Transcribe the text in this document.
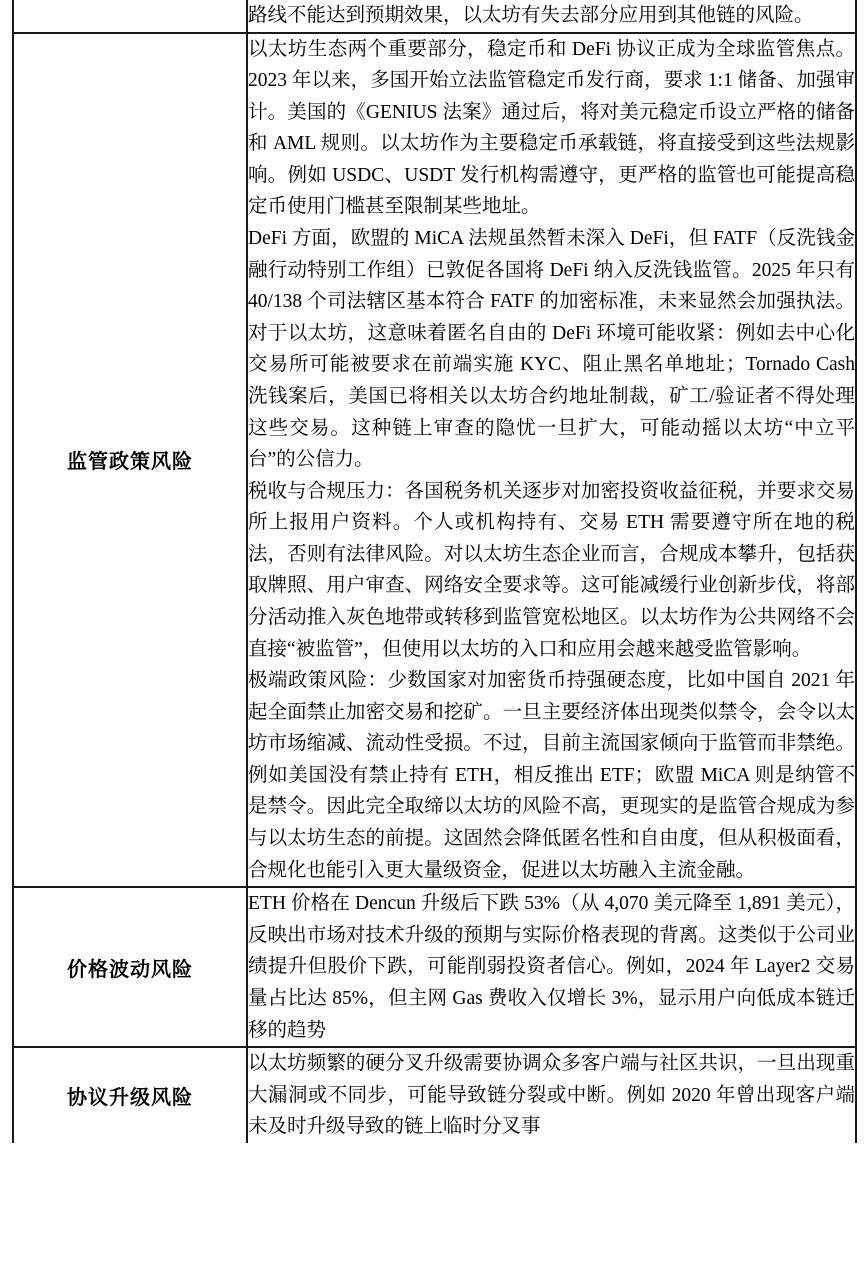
	路线不能达到预期效果，以太坊有失去部分应用到其他链的风险。

监管政策风险	以太坊生态两个重要部分，稳定币和 DeFi 协议正成为全球监管焦点。2023 年以来，多国开始立法监管稳定币发行商，要求 1:1 储备、加强审计。美国的《GENIUS 法案》通过后，将对美元稳定币设立严格的储备和 AML 规则。以太坊作为主要稳定币承载链，将直接受到这些法规影响。例如 USDC、USDT 发行机构需遵守，更严格的监管也可能提高稳定币使用门槛甚至限制某些地址。

DeFi 方面，欧盟的 MiCA 法规虽然暂未深入 DeFi，但 FATF（反洗钱金融行动特别工作组）已敦促各国将 DeFi 纳入反洗钱监管。2025 年只有 40/138 个司法辖区基本符合 FATF 的加密标准，未来显然会加强执法。对于以太坊，这意味着匿名自由的 DeFi 环境可能收紧：例如去中心化交易所可能被要求在前端实施 KYC、阻止黑名单地址；Tornado Cash 洗钱案后，美国已将相关以太坊合约地址制裁，矿工/验证者不得处理这些交易。这种链上审查的隐忧一旦扩大，可能动摇以太坊“中立平台”的公信力。

税收与合规压力：各国税务机关逐步对加密投资收益征税，并要求交易所上报用户资料。个人或机构持有、交易 ETH 需要遵守所在地的税法，否则有法律风险。对以太坊生态企业而言，合规成本攀升，包括获取牌照、用户审查、网络安全要求等。这可能减缓行业创新步伐，将部分活动推入灰色地带或转移到监管宽松地区。以太坊作为公共网络不会直接“被监管”，但使用以太坊的入口和应用会越来越受监管影响。

极端政策风险：少数国家对加密货币持强硬态度，比如中国自 2021 年起全面禁止加密交易和挖矿。一旦主要经济体出现类似禁令，会令以太坊市场缩减、流动性受损。不过，目前主流国家倾向于监管而非禁绝。例如美国没有禁止持有 ETH，相反推出 ETF；欧盟 MiCA 则是纳管不是禁令。因此完全取缔以太坊的风险不高，更现实的是监管合规成为参与以太坊生态的前提。这固然会降低匿名性和自由度，但从积极面看，合规化也能引入更大量级资金，促进以太坊融入主流金融。

价格波动风险	ETH 价格在 Dencun 升级后下跌 53%（从 4,070 美元降至 1,891 美元），反映出市场对技术升级的预期与实际价格表现的背离。这类似于公司业绩提升但股价下跌，可能削弱投资者信心。例如，2024 年 Layer2 交易量占比达 85%，但主网 Gas 费收入仅增长 3%，显示用户向低成本链迁移的趋势

协议升级风险	以太坊频繁的硬分叉升级需要协调众多客户端与社区共识，一旦出现重大漏洞或不同步，可能导致链分裂或中断。例如 2020 年曾出现客户端未及时升级导致的链上临时分叉事
